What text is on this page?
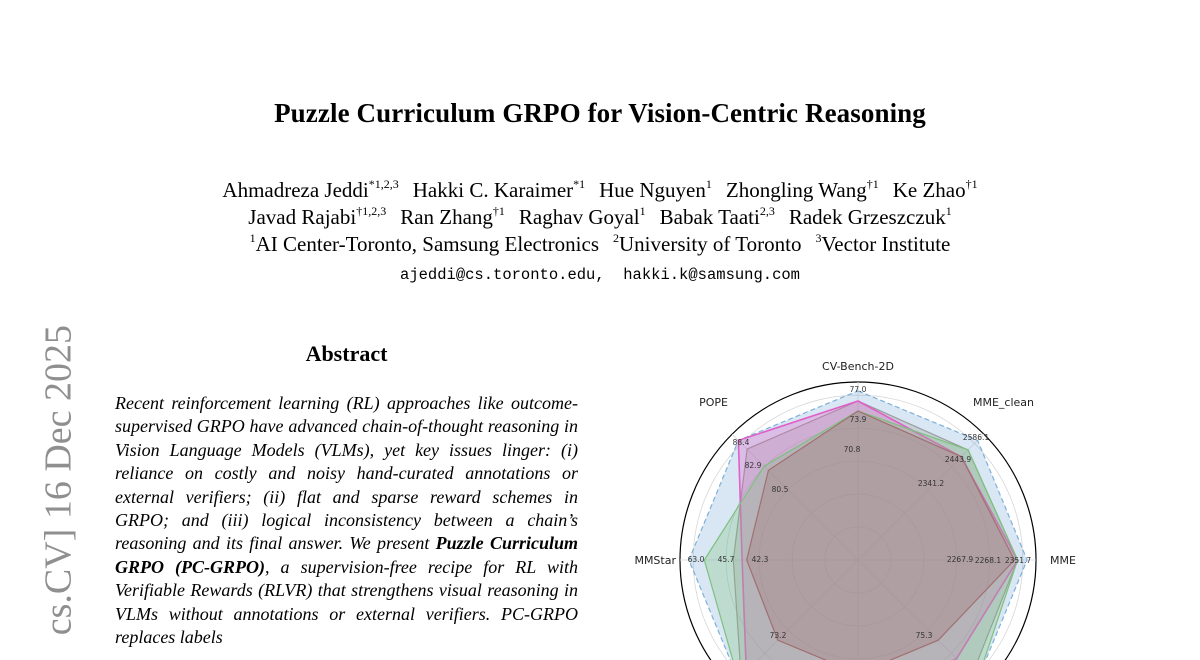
Puzzle Curriculum GRPO for Vision-Centric Reasoning
Ahmadreza Jeddi$^{*1,2,3}$ Hakki C. Karaimer$^{*1}$ Hue Nguyen$^1$ Zhongling Wang$^{\dagger 1}$ Ke Zhao$^{\dagger 1}$
Javad Rajabi$^{\dagger 1,2,3}$ Ran Zhang$^{\dagger 1}$ Raghav Goyal$^1$ Babak Taati$^{2,3}$ Radek Grzeszczuk$^1$
$^1$AI Center-Toronto, Samsung Electronics $^2$University of Toronto $^3$Vector Institute
ajeddi@cs.toronto.edu,  hakki.k@samsung.com
cs.CV] 16 Dec 2025	Abstract
Recent reinforcement learning (RL) approaches like outcome-supervised GRPO have advanced chain-of-thought reasoning in Vision Language Models (VLMs), yet key issues linger: (i) reliance on costly and noisy hand-curated annotations or external verifiers; (ii) flat and sparse reward schemes in GRPO; and (iii) logical inconsistency between a chain’s reasoning and its final answer. We present Puzzle Curriculum GRPO (PC-GRPO), a supervision-free recipe for RL with Verifiable Rewards (RLVR) that strengthens visual reasoning in VLMs without annotations or external verifiers. PC-GRPO replaces labels
CV-Bench-2D
MME_clean
MME
MMStar
POPE
77.0
73.9
70.8
2586.1
2443.9
2341.2
2351.7
2268.1
2267.9
63.0 45.7 42.3
88.4
82.9
80.5
73.2	75.3
